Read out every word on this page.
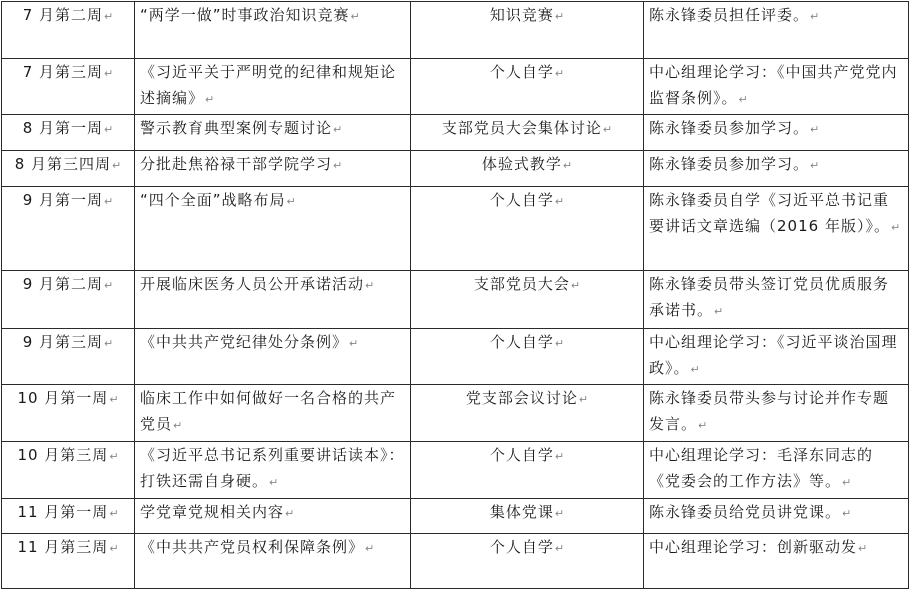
7 月第二周↵	“两学一做”时事政治知识竞赛↵	知识竞赛↵	陈永锋委员担任评委。↵
7 月第三周↵	《习近平关于严明党的纪律和规矩论述摘编》↵	个人自学↵	中心组理论学习：《中国共产党党内监督条例》。↵
8 月第一周↵	警示教育典型案例专题讨论↵	支部党员大会集体讨论↵	陈永锋委员参加学习。↵
8 月第三四周↵	分批赴焦裕禄干部学院学习↵	体验式教学↵	陈永锋委员参加学习。↵
9 月第一周↵	“四个全面”战略布局↵	个人自学↵	陈永锋委员自学《习近平总书记重要讲话文章选编（2016 年版）》。↵
9 月第二周↵	开展临床医务人员公开承诺活动↵	支部党员大会↵	陈永锋委员带头签订党员优质服务承诺书。↵
9 月第三周↵	《中共共产党纪律处分条例》↵	个人自学↵	中心组理论学习：《习近平谈治国理政》。↵
10 月第一周↵	临床工作中如何做好一名合格的共产党员↵	党支部会议讨论↵	陈永锋委员带头参与讨论并作专题发言。↵
10 月第三周↵	《习近平总书记系列重要讲话读本》：打铁还需自身硬。↵	个人自学↵	中心组理论学习：毛泽东同志的《党委会的工作方法》等。↵
11 月第一周↵	学党章党规相关内容↵	集体党课↵	陈永锋委员给党员讲党课。↵
11 月第三周↵	《中共共产党员权利保障条例》↵	个人自学↵	中心组理论学习：创新驱动发↵
